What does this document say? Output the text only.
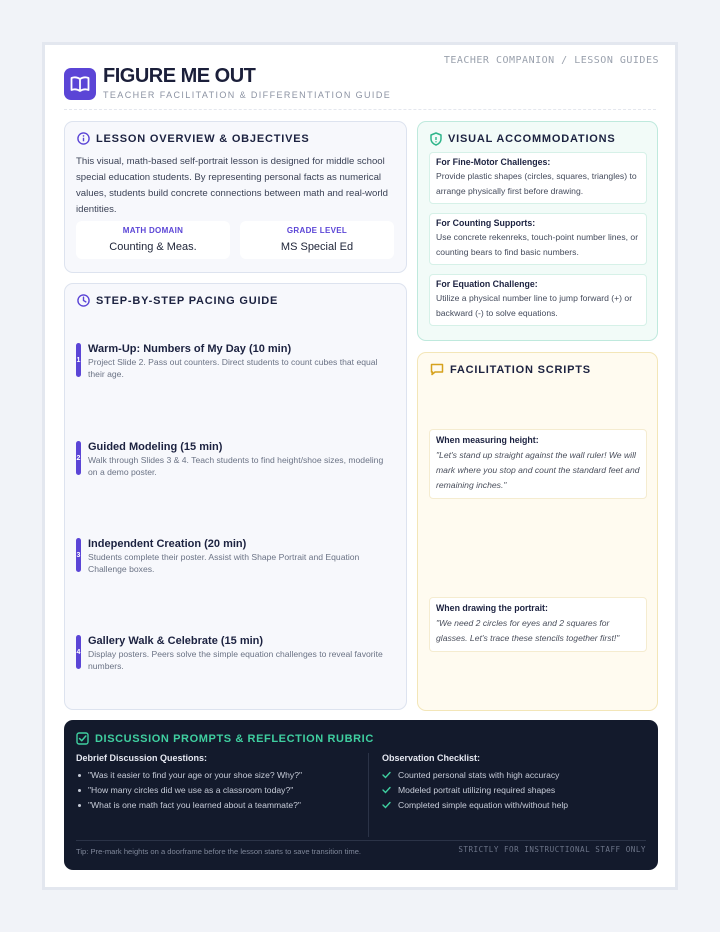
TEACHER COMPANION / LESSON GUIDES
FIGURE ME OUT
TEACHER FACILITATION & DIFFERENTIATION GUIDE
LESSON OVERVIEW & OBJECTIVES
This visual, math-based self-portrait lesson is designed for middle school special education students. By representing personal facts as numerical values, students build concrete connections between math and real-world identities.
MATH DOMAIN
Counting & Meas.
GRADE LEVEL
MS Special Ed
STEP-BY-STEP PACING GUIDE
1
Warm-Up: Numbers of My Day (10 min)
Project Slide 2. Pass out counters. Direct students to count cubes that equal their age.
2
Guided Modeling (15 min)
Walk through Slides 3 & 4. Teach students to find height/shoe sizes, modeling on a demo poster.
3
Independent Creation (20 min)
Students complete their poster. Assist with Shape Portrait and Equation Challenge boxes.
4
Gallery Walk & Celebrate (15 min)
Display posters. Peers solve the simple equation challenges to reveal favorite numbers.
VISUAL ACCOMMODATIONS
For Fine-Motor Challenges:
Provide plastic shapes (circles, squares, triangles) to arrange physically first before drawing.
For Counting Supports:
Use concrete rekenreks, touch-point number lines, or counting bears to find basic numbers.
For Equation Challenge:
Utilize a physical number line to jump forward (+) or backward (-) to solve equations.
FACILITATION SCRIPTS
When measuring height:
"Let's stand up straight against the wall ruler! We will mark where you stop and count the standard feet and remaining inches."
When drawing the portrait:
"We need 2 circles for eyes and 2 squares for glasses. Let's trace these stencils together first!"
DISCUSSION PROMPTS & REFLECTION RUBRIC
Debrief Discussion Questions:
"Was it easier to find your age or your shoe size? Why?"
"How many circles did we use as a classroom today?"
"What is one math fact you learned about a teammate?"
Observation Checklist:
Counted personal stats with high accuracy
Modeled portrait utilizing required shapes
Completed simple equation with/without help
Tip: Pre-mark heights on a doorframe before the lesson starts to save transition time.	STRICTLY FOR INSTRUCTIONAL STAFF ONLY
